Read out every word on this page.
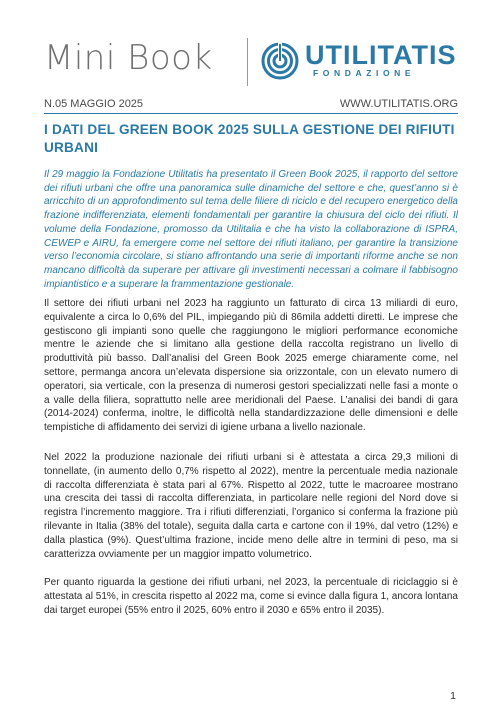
Mini Book	UTILITATIS
FONDAZIONE
N.05 MAGGIO 2025	WWW.UTILITATIS.ORG
I DATI DEL GREEN BOOK 2025 SULLA GESTIONE DEI RIFIUTI URBANI
Il 29 maggio la Fondazione Utilitatis ha presentato il Green Book 2025, il rapporto del settore dei rifiuti urbani che offre una panoramica sulle dinamiche del settore e che, quest’anno si è arricchito di un approfondimento sul tema delle filiere di riciclo e del recupero energetico della frazione indifferenziata, elementi fondamentali per garantire la chiusura del ciclo dei rifiuti. Il volume della Fondazione, promosso da Utilitalia e che ha visto la collaborazione di ISPRA, CEWEP e AIRU, fa emergere come nel settore dei rifiuti italiano, per garantire la transizione verso l’economia circolare, si stiano affrontando una serie di importanti riforme anche se non mancano difficoltà da superare per attivare gli investimenti necessari a colmare il fabbisogno impiantistico e a superare la frammentazione gestionale.
Il settore dei rifiuti urbani nel 2023 ha raggiunto un fatturato di circa 13 miliardi di euro, equivalente a circa lo 0,6% del PIL, impiegando più di 86mila addetti diretti. Le imprese che gestiscono gli impianti sono quelle che raggiungono le migliori performance economiche mentre le aziende che si limitano alla gestione della raccolta registrano un livello di produttività più basso. Dall’analisi del Green Book 2025 emerge chiaramente come, nel settore, permanga ancora un’elevata dispersione sia orizzontale, con un elevato numero di operatori, sia verticale, con la presenza di numerosi gestori specializzati nelle fasi a monte o a valle della filiera, soprattutto nelle aree meridionali del Paese. L’analisi dei bandi di gara (2014-2024) conferma, inoltre, le difficoltà nella standardizzazione delle dimensioni e delle tempistiche di affidamento dei servizi di igiene urbana a livello nazionale.
Nel 2022 la produzione nazionale dei rifiuti urbani si è attestata a circa 29,3 milioni di tonnellate, (in aumento dello 0,7% rispetto al 2022), mentre la percentuale media nazionale di raccolta differenziata è stata pari al 67%. Rispetto al 2022, tutte le macroaree mostrano una crescita dei tassi di raccolta differenziata, in particolare nelle regioni del Nord dove si registra l’incremento maggiore. Tra i rifiuti differenziati, l’organico si conferma la frazione più rilevante in Italia (38% del totale), seguita dalla carta e cartone con il 19%, dal vetro (12%) e dalla plastica (9%). Quest’ultima frazione, incide meno delle altre in termini di peso, ma si caratterizza ovviamente per un maggior impatto volumetrico.
Per quanto riguarda la gestione dei rifiuti urbani, nel 2023, la percentuale di riciclaggio si è attestata al 51%, in crescita rispetto al 2022 ma, come si evince dalla figura 1, ancora lontana dai target europei (55% entro il 2025, 60% entro il 2030 e 65% entro il 2035).
1
